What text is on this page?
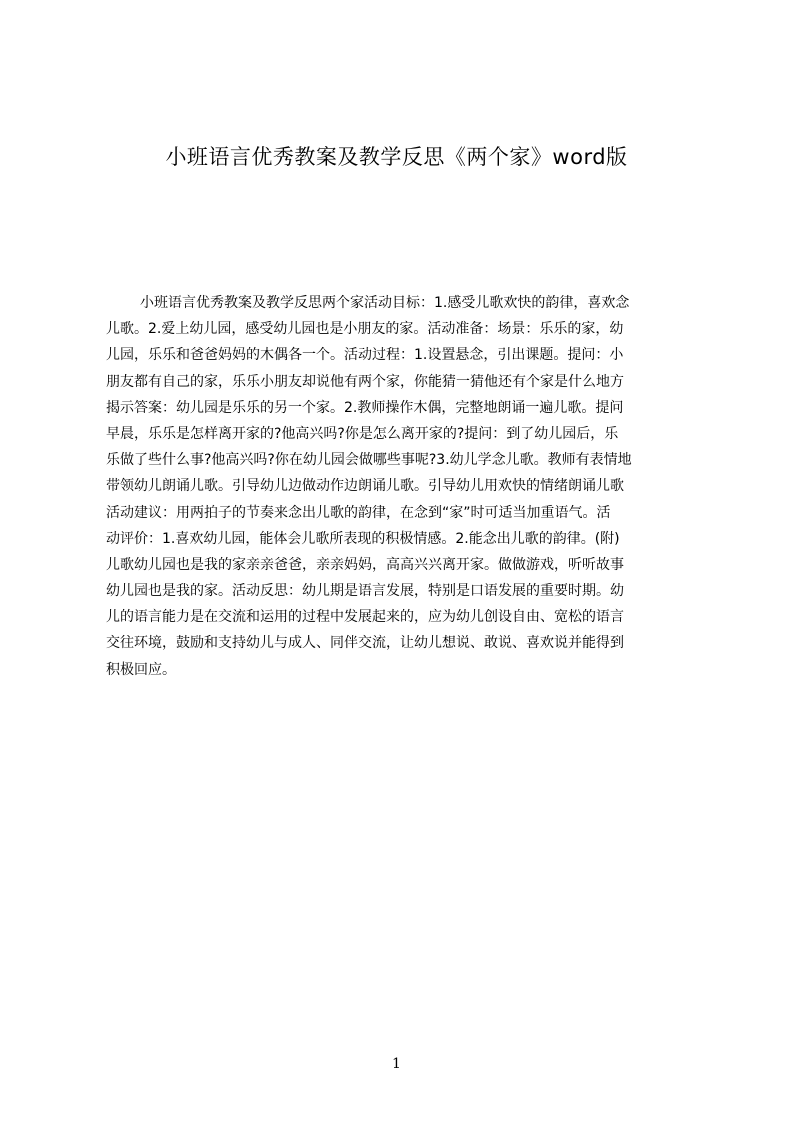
小班语言优秀教案及教学反思《两个家》word版
小班语言优秀教案及教学反思两个家活动目标：1.感受儿歌欢快的韵律，喜欢念
儿歌。2.爱上幼儿园，感受幼儿园也是小朋友的家。活动准备：场景：乐乐的家，幼
儿园，乐乐和爸爸妈妈的木偶各一个。活动过程：1.设置悬念，引出课题。提问：小
朋友都有自己的家，乐乐小朋友却说他有两个家，你能猜一猜他还有个家是什么地方
揭示答案：幼儿园是乐乐的另一个家。2.教师操作木偶，完整地朗诵一遍儿歌。提问
早晨，乐乐是怎样离开家的?他高兴吗?你是怎么离开家的?提问：到了幼儿园后，乐
乐做了些什么事?他高兴吗?你在幼儿园会做哪些事呢?3.幼儿学念儿歌。教师有表情地
带领幼儿朗诵儿歌。引导幼儿边做动作边朗诵儿歌。引导幼儿用欢快的情绪朗诵儿歌
活动建议：用两拍子的节奏来念出儿歌的韵律，在念到“家”时可适当加重语气。活
动评价：1.喜欢幼儿园，能体会儿歌所表现的积极情感。2.能念出儿歌的韵律。(附)
儿歌幼儿园也是我的家亲亲爸爸，亲亲妈妈，高高兴兴离开家。做做游戏，听听故事
幼儿园也是我的家。活动反思：幼儿期是语言发展，特别是口语发展的重要时期。幼
儿的语言能力是在交流和运用的过程中发展起来的，应为幼儿创设自由、宽松的语言
交往环境，鼓励和支持幼儿与成人、同伴交流，让幼儿想说、敢说、喜欢说并能得到
积极回应。
1
